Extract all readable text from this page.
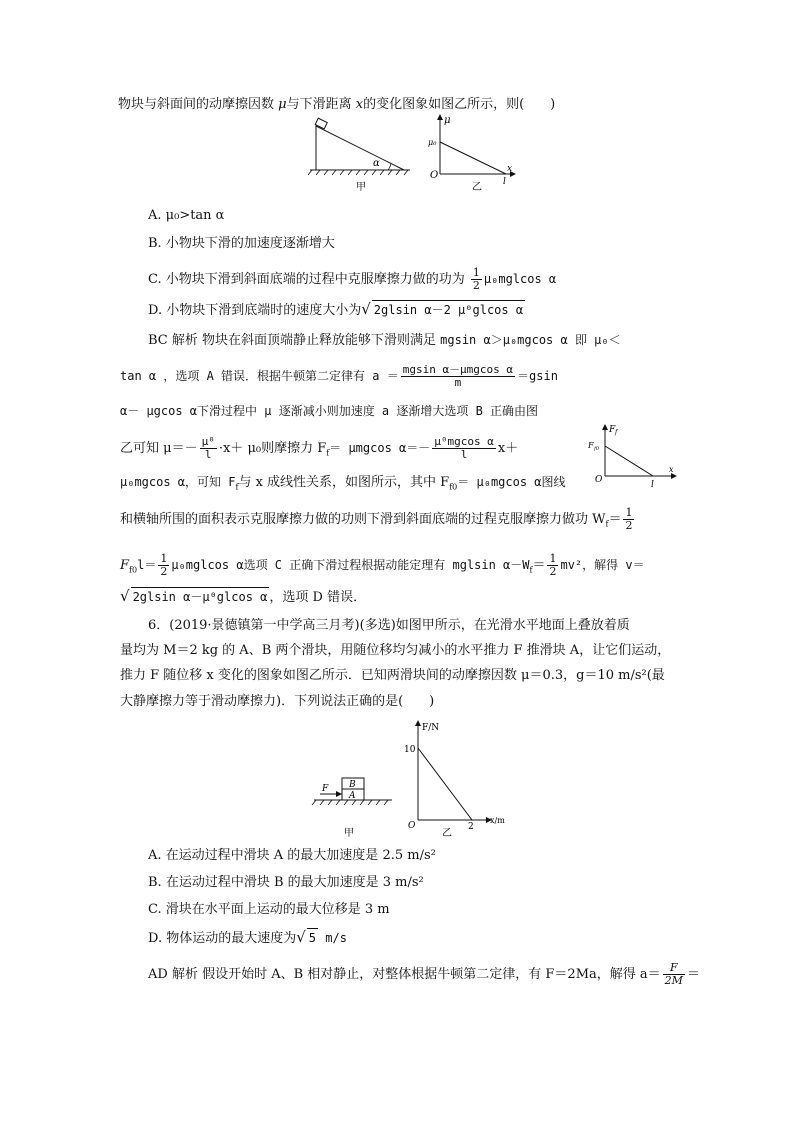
物块与斜面间的动摩擦因数 μ与下滑距离 x的变化图象如图乙所示，则(　　)
α
甲
μ
μ₀
O
x
l
乙
A. μ₀>tan α
B. 小物块下滑的加速度逐渐增大
C. 小物块下滑到斜面底端的过程中克服摩擦力做的功为 $\frac{1}{2} \mu_0mglcos$ α
D. 小物块下滑到底端时的速度大小为√ 2glsin α－2 μ⁰glcos α
BC 解析 物块在斜面顶端静止释放能够下滑则满足 mgsin α＞μ₀mgcos α 即 μ₀＜
tan α ，选项 A 错误．根据牛顿第二定律有 $a = \frac{\text{mgsin α－μmgcos α}}{m} =gsin$
α－ μgcos α下滑过程中 μ 逐渐减小则加速度 a 逐渐增大选项 B 正确由图
乙可知 $\mu=- \frac{\text{μ⁰}}{l} \cdot x+ \mu_0$则摩擦力 $F_f= \mu mgcos$ $\alpha=- \frac{\text{μ⁰mgcos α}}{l} x+$
μ₀mgcos α，可知 $F_f$与 x 成线性关系，如图所示，其中 $F_{f0}= \mu_0mgcos$ α图线
F f
F f0
O	l
x
和横轴所围的面积表示克服摩擦力做的功则下滑到斜面底端的过程克服摩擦力做功 $W_f= \frac{1}{2}$
$F_{f0}l= \frac{1}{2} \mu_0mglcos$ α选项 C 正确下滑过程根据动能定理有 mglsin $\alpha-W_f= \frac{1}{2} mv^2$，解得 v＝
√ 2glsin α－μ⁰glcos α ，选项 D 错误．
6．(2019·景德镇第一中学高三月考)(多选)如图甲所示，在光滑水平地面上叠放着质
量均为 M＝2 kg 的 A、B 两个滑块，用随位移均匀减小的水平推力 F 推滑块 A，让它们运动，
推力 F 随位移 x 变化的图象如图乙所示．已知两滑块间的动摩擦因数 μ＝0.3，g＝10 m/s²(最
大静摩擦力等于滑动摩擦力)．下列说法正确的是(　　)
A
B
F
甲
F/N
10
O	2
x/m
乙
A. 在运动过程中滑块 A 的最大加速度是 2.5 m/s²
B. 在运动过程中滑块 B 的最大加速度是 3 m/s²
C. 滑块在水平面上运动的最大位移是 3 m
D. 物体运动的最大速度为√ 5 m/s
AD 解析 假设开始时 A、B 相对静止，对整体根据牛顿第二定律，有 F＝2Ma，解得 $a= \frac{F}{2M}$ ＝
